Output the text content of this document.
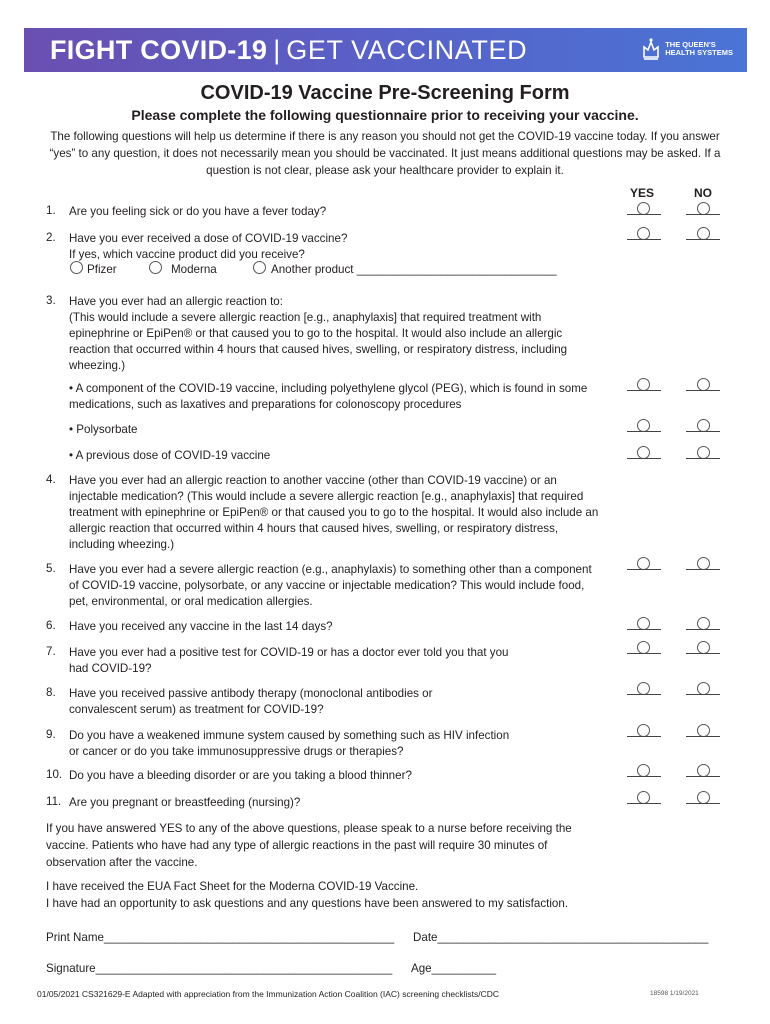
FIGHT COVID-19 | GET VACCINATED	THE QUEEN'S
HEALTH SYSTEMS
COVID-19 Vaccine Pre-Screening Form
Please complete the following questionnaire prior to receiving your vaccine.
The following questions will help us determine if there is any reason you should not get the COVID-19 vaccine today. If you answer “yes” to any question, it does not necessarily mean you should be vaccinated. It just means additional questions may be asked. If a question is not clear, please ask your healthcare provider to explain it.
YES	NO
1. Are you feeling sick or do you have a fever today?
2. Have you ever received a dose of COVID-19 vaccine?
If yes, which vaccine product did you receive?
Pfizer	Moderna	Another product _______________________________
3. Have you ever had an allergic reaction to:
(This would include a severe allergic reaction [e.g., anaphylaxis] that required treatment with epinephrine or EpiPen® or that caused you to go to the hospital. It would also include an allergic reaction that occurred within 4 hours that caused hives, swelling, or respiratory distress, including wheezing.)
• A component of the COVID-19 vaccine, including polyethylene glycol (PEG), which is found in some medications, such as laxatives and preparations for colonoscopy procedures
• Polysorbate
• A previous dose of COVID-19 vaccine
4. Have you ever had an allergic reaction to another vaccine (other than COVID-19 vaccine) or an injectable medication? (This would include a severe allergic reaction [e.g., anaphylaxis] that required treatment with epinephrine or EpiPen® or that caused you to go to the hospital. It would also include an allergic reaction that occurred within 4 hours that caused hives, swelling, or respiratory distress, including wheezing.)
5. Have you ever had a severe allergic reaction (e.g., anaphylaxis) to something other than a component of COVID-19 vaccine, polysorbate, or any vaccine or injectable medication? This would include food, pet, environmental, or oral medication allergies.
6. Have you received any vaccine in the last 14 days?
7. Have you ever had a positive test for COVID-19 or has a doctor ever told you that you had COVID-19?
8. Have you received passive antibody therapy (monoclonal antibodies or convalescent serum) as treatment for COVID-19?
9. Do you have a weakened immune system caused by something such as HIV infection or cancer or do you take immunosuppressive drugs or therapies?
10. Do you have a bleeding disorder or are you taking a blood thinner?
11. Are you pregnant or breastfeeding (nursing)?
If you have answered YES to any of the above questions, please speak to a nurse before receiving the vaccine. Patients who have had any type of allergic reactions in the past will require 30 minutes of observation after the vaccine.
I have received the EUA Fact Sheet for the Moderna COVID-19 Vaccine.
I have had an opportunity to ask questions and any questions have been answered to my satisfaction.
Print Name_____________________________________________ Date__________________________________________
Signature______________________________________________ Age__________
01/05/2021 CS321629-E Adapted with appreciation from the Immunization Action Coalition (IAC) screening checklists/CDC	18598 1/19/2021
